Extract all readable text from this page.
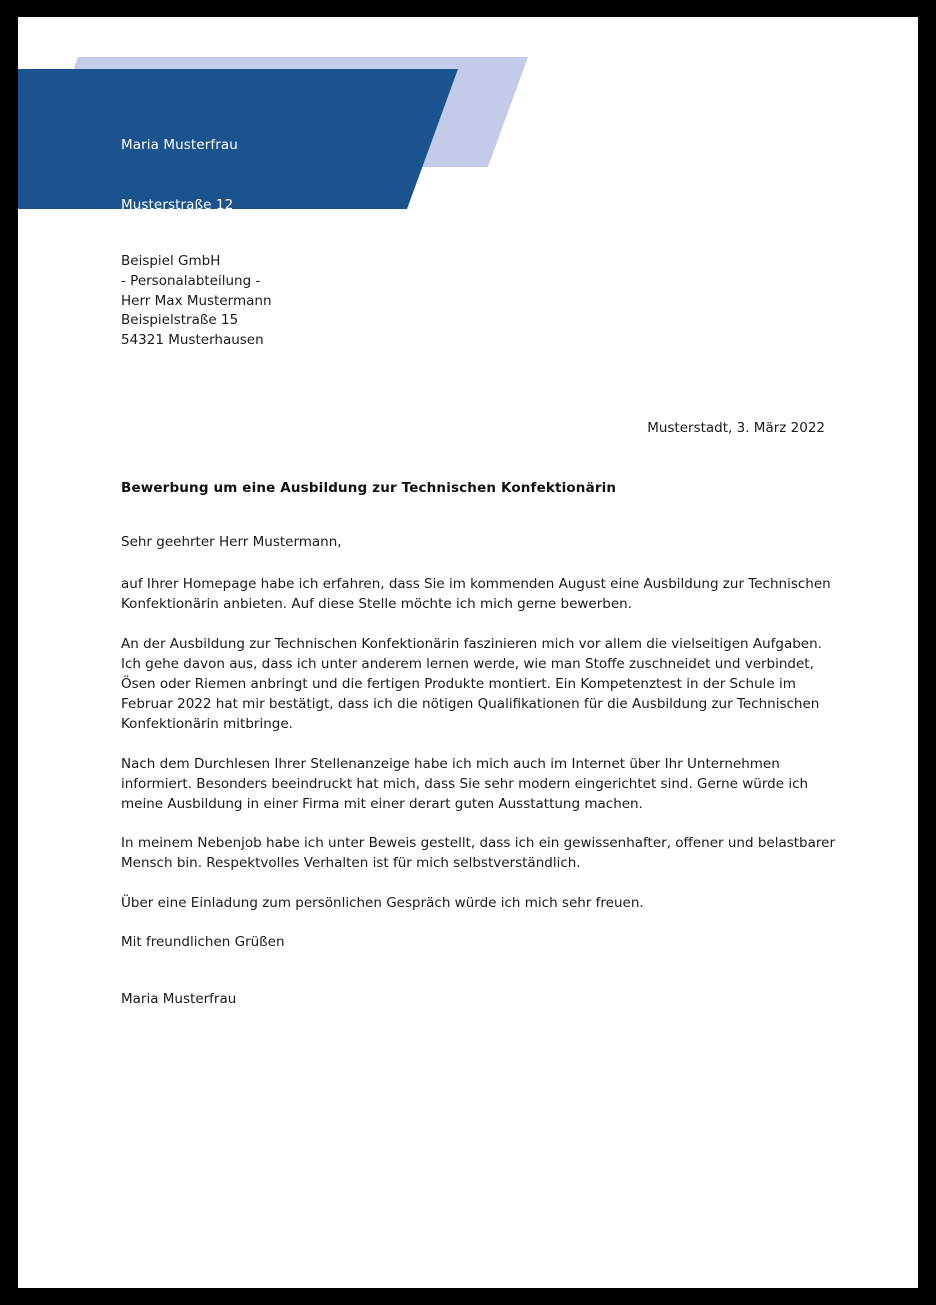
Maria Musterfrau

Musterstraße 12

Beispiel GmbH
- Personalabteilung -
Herr Max Mustermann
Beispielstraße 15
54321 Musterhausen
Musterstadt, 3. März 2022
Bewerbung um eine Ausbildung zur Technischen Konfektionärin

Sehr geehrter Herr Mustermann,

auf Ihrer Homepage habe ich erfahren, dass Sie im kommenden August eine Ausbildung zur Technischen Konfektionärin anbieten. Auf diese Stelle möchte ich mich gerne bewerben.

An der Ausbildung zur Technischen Konfektionärin faszinieren mich vor allem die vielseitigen Aufgaben. Ich gehe davon aus, dass ich unter anderem lernen werde, wie man Stoffe zuschneidet und verbindet, Ösen oder Riemen anbringt und die fertigen Produkte montiert. Ein Kompetenztest in der Schule im Februar 2022 hat mir bestätigt, dass ich die nötigen Qualifikationen für die Ausbildung zur Technischen Konfektionärin mitbringe.

Nach dem Durchlesen Ihrer Stellenanzeige habe ich mich auch im Internet über Ihr Unternehmen informiert. Besonders beeindruckt hat mich, dass Sie sehr modern eingerichtet sind. Gerne würde ich meine Ausbildung in einer Firma mit einer derart guten Ausstattung machen.

In meinem Nebenjob habe ich unter Beweis gestellt, dass ich ein gewissenhafter, offener und belastbarer Mensch bin. Respektvolles Verhalten ist für mich selbstverständlich.

Über eine Einladung zum persönlichen Gespräch würde ich mich sehr freuen.

Mit freundlichen Grüßen

Maria Musterfrau
